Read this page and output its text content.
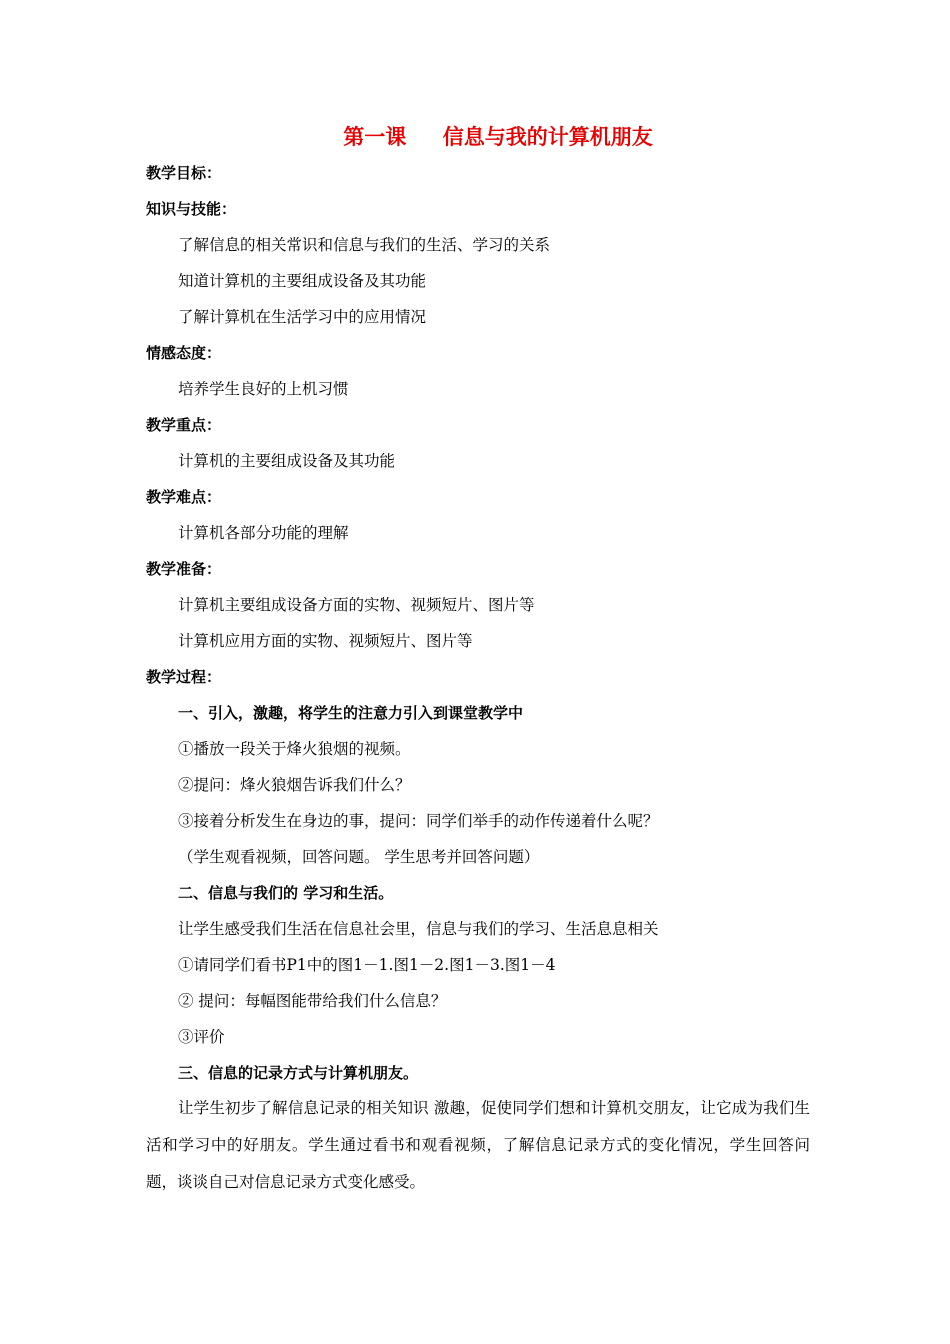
第一课     信息与我的计算机朋友
教学目标：
知识与技能：
了解信息的相关常识和信息与我们的生活、学习的关系
知道计算机的主要组成设备及其功能
了解计算机在生活学习中的应用情况
情感态度：
培养学生良好的上机习惯
教学重点：
计算机的主要组成设备及其功能
教学难点：
计算机各部分功能的理解
教学准备：
计算机主要组成设备方面的实物、视频短片、图片等
计算机应用方面的实物、视频短片、图片等
教学过程：
一、引入，激趣，将学生的注意力引入到课堂教学中
①播放一段关于烽火狼烟的视频。
②提问：烽火狼烟告诉我们什么？
③接着分析发生在身边的事，提问：同学们举手的动作传递着什么呢？
（学生观看视频，回答问题。 学生思考并回答问题）
二、信息与我们的 学习和生活。
让学生感受我们生活在信息社会里，信息与我们的学习、生活息息相关
①请同学们看书P1中的图1－1.图1－2.图1－3.图1－4
② 提问：每幅图能带给我们什么信息？
③评价
三、信息的记录方式与计算机朋友。
让学生初步了解信息记录的相关知识 激趣，促使同学们想和计算机交朋友，让它成为我们生活和学习中的好朋友。学生通过看书和观看视频，了解信息记录方式的变化情况，学生回答问题，谈谈自己对信息记录方式变化感受。
